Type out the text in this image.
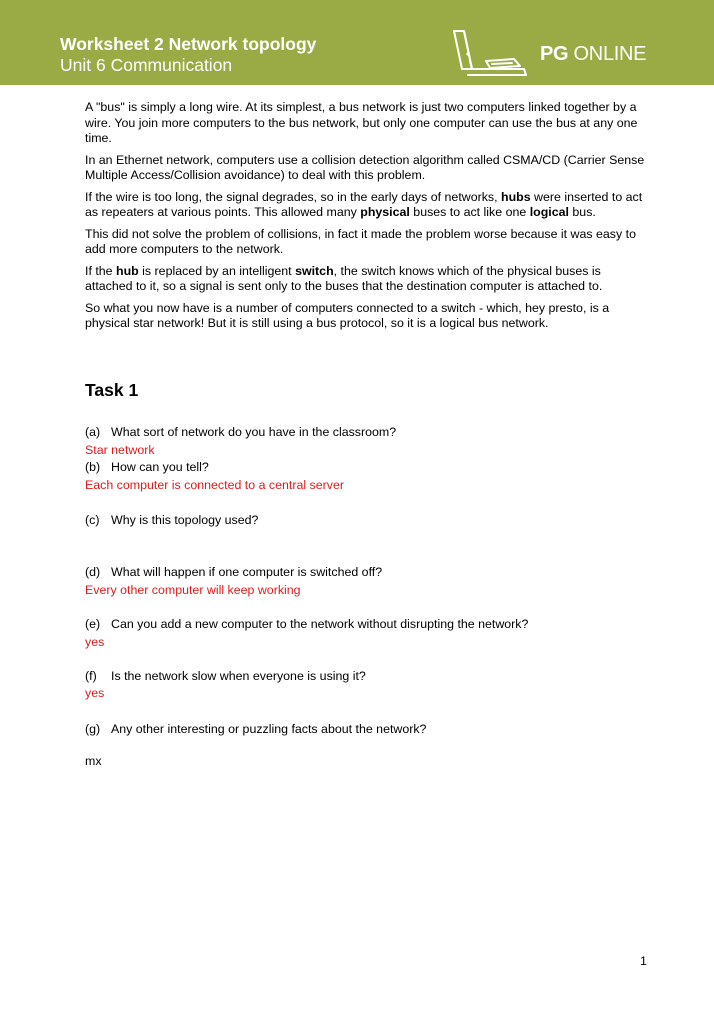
Worksheet 2 Network topology
Unit 6 Communication	PG ONLINE

A "bus" is simply a long wire. At its simplest, a bus network is just two computers linked together by a wire. You join more computers to the bus network, but only one computer can use the bus at any one time.

In an Ethernet network, computers use a collision detection algorithm called CSMA/CD (Carrier Sense Multiple Access/Collision avoidance) to deal with this problem.

If the wire is too long, the signal degrades, so in the early days of networks, hubs were inserted to act as repeaters at various points. This allowed many physical buses to act like one logical bus.

This did not solve the problem of collisions, in fact it made the problem worse because it was easy to add more computers to the network.

If the hub is replaced by an intelligent switch, the switch knows which of the physical buses is attached to it, so a signal is sent only to the buses that the destination computer is attached to.

So what you now have is a number of computers connected to a switch - which, hey presto, is a physical star network! But it is still using a bus protocol, so it is a logical bus network.

Task 1
(a) What sort of network do you have in the classroom?
Star network
(b) How can you tell?
Each computer is connected to a central server
(c) Why is this topology used?
(d) What will happen if one computer is switched off?
Every other computer will keep working
(e) Can you add a new computer to the network without disrupting the network?
yes
(f) Is the network slow when everyone is using it?
yes
(g) Any other interesting or puzzling facts about the network?
mx
1
